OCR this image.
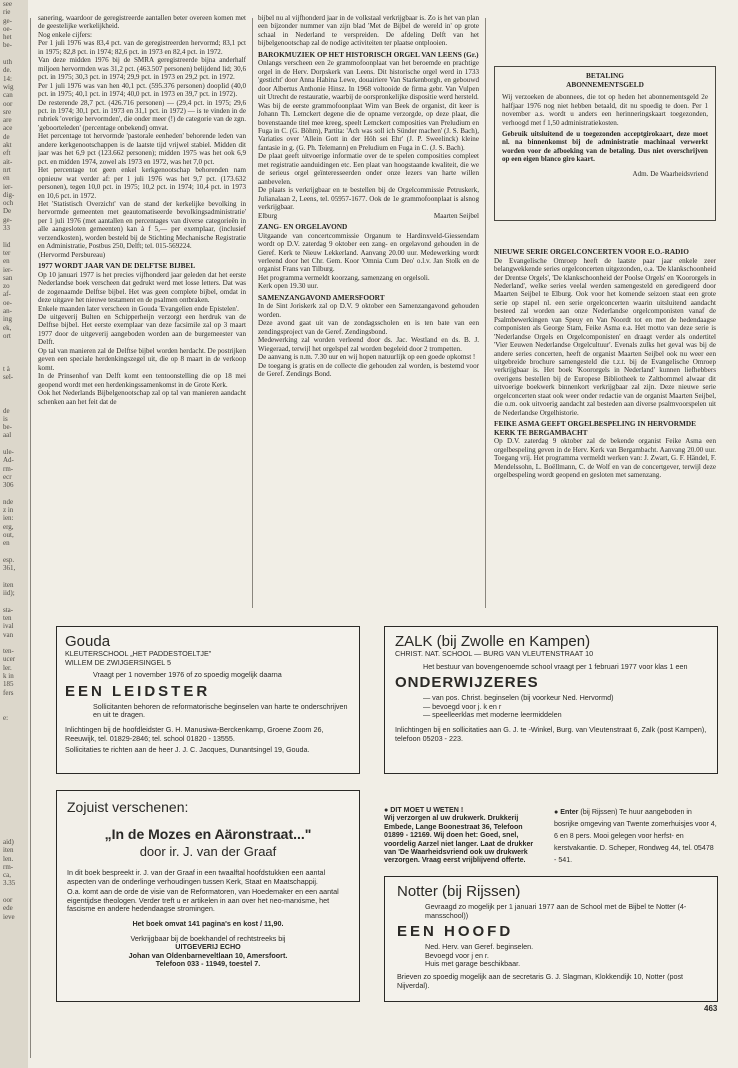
see
rie
ge-
oe-
het
be-

uth
de.
14:
wig
can
oor
sre
are
ace
de
akt
eft
ait-
nrt
en
ier-
dig-
och
De
ge-
33

lid
ter
en
ier-
san
zo
af-
oe-
an-
ing
ek,
ort

t à
sel-

de
is
be-
aal

ule-
Ad-
rm-
ecr
306

nde
z in
ien:
erg,
out,
en

esp.
361,

iten
iid);

sta-
ten
ival
van

ten-
ucer
ler.
k in
185
fers

e:

aid)
iten
len.
rm-
ca,
3.35

oor
ede
ieve

sanering, waardoor de geregistreerde aantallen beter overeen komen met de geestelijke werkelijkheid.

Nog enkele cijfers:

Per 1 juli 1976 was 83,4 pct. van de geregistreerden hervormd; 83,1 pct in 1975; 82,8 pct. in 1974; 82,6 pct. in 1973 en 82,4 pct. in 1972.

Van deze midden 1976 bij de SMRA geregistreerde bijna anderhalf miljoen hervormden was 31,2 pct. (463.507 personen) belijdend lid; 30,6 pct. in 1975; 30,3 pct. in 1974; 29,9 pct. in 1973 en 29,2 pct. in 1972.

Per 1 juli 1976 was van hen 40,1 pct. (595.376 personen) doopIid (40,0 pct. in 1975; 40,1 pct. in 1974; 40,0 pct. in 1973 en 39,7 pct. in 1972).

De resterende 28,7 pct. (426.716 personen) — (29,4 pct. in 1975; 29,6 pct. in 1974; 30,1 pct. in 1973 en 31,1 pct. in 1972) — is te vinden in de rubriek 'overige hervormden', die onder meer (!) de categorie van de zgn. 'geboorteleden' (percentage onbekend) omvat.

Het percentage tot hervormde 'pastorale eenheden' behorende leden van andere kerkgenootschappen is de laatste tijd vrijwel stabiel. Midden dit jaar was het 6,9 pct (123.662 personen); midden 1975 was het ook 6,9 pct. en midden 1974, zowel als 1973 en 1972, was het 7,0 pct.

Het percentage tot geen enkel kerkgenootschap behorenden nam opnieuw wat verder af: per 1 juli 1976 was het 9,7 pct. (173.632 personen), tegen 10,0 pct. in 1975; 10,2 pct. in 1974; 10,4 pct. in 1973 en 10,6 pct. in 1972.

Het 'Statistisch Overzicht' van de stand der kerkelijke bevolking in hervormde gemeenten met geautomatiseerde bevolkingsadministratie' per 1 juli 1976 (met aantallen en percentages van diverse categorieën in alle aangesloten gemeenten) kan à f 5,— per exemplaar, (inclusief verzendkosten), worden besteld bij de Stichting Mechanische Registratie en Administratie, Postbus 250, Delft; tel. 015-569224.

(Hervormd Persbureau)

1977 WORDT JAAR VAN DE DELFTSE BIJBEL

Op 10 januari 1977 is het precies vijfhonderd jaar geleden dat het eerste Nederlandse boek verscheen dat gedrukt werd met losse letters. Dat was de zogenaamde Delftse bijbel. Het was geen complete bijbel, omdat in deze uitgave het nieuwe testament en de psalmen ontbraken.

Enkele maanden later verscheen in Gouda 'Evangelien ende Epistelen'.

De uitgeverij Bulten en Schipperheijn verzorgt een herdruk van de Delftse bijbel. Het eerste exemplaar van deze facsimile zal op 3 maart 1977 door de uitgeverij aangeboden worden aan de burgemeester van Delft.

Op tal van manieren zal de Delftse bijbel worden herdacht. De postrijken geven een speciale herdenkingszegel uit, die op 8 maart in de verkoop komt.

In de Prinsenhof van Delft komt een tentoonstelling die op 18 mei geopend wordt met een herdenkingssamenkomst in de Grote Kerk.

Ook het Nederlands Bijbelgenootschap zal op tal van manieren aandacht schenken aan het feit dat de

bijbel nu al vijfhonderd jaar in de volkstaal verkrijgbaar is. Zo is het van plan een bijzonder nummer van zijn blad 'Met de Bijbel de wereld in' op grote schaal in Nederland te verspreiden. De afdeling Delft van het bijbelgenootschap zal de nodige activiteiten ter plaatse ontplooien.

BAROKMUZIEK OP HET HISTORISCH ORGEL VAN LEENS (Gr.)

Onlangs verscheen een 2e grammofoonplaat van het beroemde en prachtige orgel in de Herv. Dorpskerk van Leens. Dit historische orgel werd in 1733 'gesticht' door Anna Habina Lewe, douairiere Van Starkenborgh, en gebouwd door Albertus Anthonie Hinsz. In 1968 voltooide de firma gebr. Van Vulpen uit Utrecht de restauratie, waarbij de oorspronkelijke dispositie werd hersteld.

Was bij de eerste grammofoonplaat Wim van Beek de organist, dit keer is Johann Th. Lemckert degene die de opname verzorgde, op deze plaat, die bovenstaande titel mee kreeg, speelt Lemckert composities van Preludium en Fuga in C. (G. Böhm), Partita: 'Ach was soll ich Sünder machen' (J. S. Bach), Variaties over 'Allein Gott in der Höh sei Ehr' (J. P. Sweelinck) kleine fantasie in g. (G. Ph. Telemann) en Preludium en Fuga in C. (J. S. Bach).

De plaat geeft uitvoerige informatie over de te spelen composities compleet met registratie aanduidingen etc. Een plaat van hoogstaande kwaliteit, die we de serieus orgel geïnteresseerden onder onze lezers van harte willen aanbevelen.

De plaats is verkrijgbaar en te bestellen bij de Orgelcommissie Petruskerk, Julianalaan 2, Leens, tel. 05957-1677. Ook de 1e grammofoonplaat is alsnog verkrijgbaar.

Elburg	Maarten Seijbel
ZANG- EN ORGELAVOND

Uitgaande van concertcommissie Organum te Hardinxveld-Giessendam wordt op D.V. zaterdag 9 oktober een zang- en orgelavond gehouden in de Geref. Kerk te Nieuw Lekkerland. Aanvang 20.00 uur. Medewerking wordt verleend door het Chr. Gem. Koor 'Omnia Cum Deo' o.l.v. Jan Stolk en de organist Frans van Tilburg.

Het programma vermeldt koorzang, samenzang en orgelsoli.

Kerk open 19.30 uur.

SAMENZANGAVOND AMERSFOORT

In de Sint Joriskerk zal op D.V. 9 oktober een Samenzangavond gehouden worden.

Deze avond gaat uit van de zondagsscholen en is ten bate van een zendingsproject van de Geref. Zendingsbond.

Medewerking zal worden verleend door ds. Jac. Westland en ds. B. J. Wiegeraad, terwijl het orgelspel zal worden begeleid door 2 trompetten.

De aanvang is n.m. 7.30 uur en wij hopen natuurlijk op een goede opkomst !

De toegang is gratis en de collecte die gehouden zal worden, is bestemd voor de Geref. Zendings Bond.

BETALING
ABONNEMENTSGELD

Wij verzoeken de abonnees, die tot op heden het abonnementsgeld 2e halfjaar 1976 nog niet hebben betaald, dit nu spoedig te doen. Per 1 november a.s. wordt u anders een herinneringskaart toegezonden, verhoogd met f 1,50 administratiekosten.

Gebruik uitsluitend de u toegezonden acceptgirokaart, deze moet nl. na binnenkomst bij de administratie machinaal verwerkt worden voor de afboeking van de betaling. Dus niet overschrijven op een eigen blanco giro kaart.

Adm. De Waarheidsvriend

NIEUWE SERIE ORGELCONCERTEN VOOR E.O.-RADIO

De Evangelische Omroep heeft de laatste paar jaar enkele zeer belangwekkende series orgelconcerten uitgezonden, o.a. 'De klankschoonheid der Drentse Orgels', 'De klankschoonheid der Poolse Orgels' en 'Koororgels in Nederland', welke series veelal werden samengesteld en geredigeerd door Maarten Seijbel te Elburg. Ook voor het komende seizoen staat een grote serie op stapel nl. een serie orgelconcerten waarin uitsluitend aandacht besteed zal worden aan onze Nederlandse orgelcomponisten vanaf de Psalmbewerkingen van Speuy en Van Noordt tot en met de hedendaagse componisten als George Stam, Feike Asma e.a. Het motto van deze serie is 'Nederlandse Orgels en Orgelcomponisten' en draagt verder als ondertitel 'Vier Eeuwen Nederlandse Orgelcultuur'. Evenals zulks het geval was bij de andere series concerten, heeft de organist Maarten Seijbel ook nu weer een uitgebreide brochure samengesteld die t.z.t. bij de Evangelische Omroep verkrijgbaar is. Het boek 'Koororgels in Nederland' kunnen liefhebbers overigens bestellen bij de Europese Bibliotheek te Zaltbommel alwaar dit uitvoerige boekwerk binnenkort verkrijgbaar zal zijn. Deze nieuwe serie orgelconcerten staat ook weer onder redactie van de organist Maarten Seijbel, die o.m. ook uitvoerig aandacht zal besteden aan diverse psalmvoorspelen uit de Nederlandse Orgelhistorie.

FEIKE ASMA GEEFT ORGELBESPELING IN HERVORMDE KERK TE BERGAMBACHT

Op D.V. zaterdag 9 oktober zal de bekende organist Feike Asma een orgelbespeling geven in de Herv. Kerk van Bergambacht. Aanvang 20.00 uur. Toegang vrij. Het programma vermeldt werken van: J. Zwart, G. F. Händel, F. Mendelssohn, L. Boëllmann, C. de Wolf en van de concertgever, terwijl deze orgelbespeling wordt geopend en gesloten met samenzang.

Gouda
KLEUTERSCHOOL „HET PADDESTOELTJE"
WILLEM DE ZWIJGERSINGEL 5
Vraagt per 1 november 1976 of zo spoedig mogelijk daarna
EEN LEIDSTER
Sollicitanten behoren de reformatorische beginselen van harte te onderschrijven en uit te dragen.
Inlichtingen bij de hoofdleidster G. H. Manusiwa-Berckenkamp, Groene Zoom 26, Reeuwijk, tel. 01829-2846; tel. school 01820 - 13555.
Sollicitaties te richten aan de heer J. J. C. Jacques, Dunantsingel 19, Gouda.
ZALK (bij Zwolle en Kampen)
CHRIST. NAT. SCHOOL — BURG VAN VLEUTENSTRAAT 10
Het bestuur van bovengenoemde school vraagt per 1 februari 1977 voor klas 1 een
ONDERWIJZERES
— van pos. Christ. beginselen (bij voorkeur Ned. Hervormd)
— bevoegd voor j. k en r
— speelleerklas met moderne leermiddelen
Inlichtingen bij en sollicitaties aan G. J. te -Winkel, Burg. van Vleutenstraat 6, Zalk (post Kampen), telefoon 05203 - 223.
Zojuist verschenen:
„In de Mozes en Aäronstraat..."
door ir. J. van der Graaf
In dit boek bespreekt ir. J. van der Graaf in een twaalftal hoofdstukken een aantal aspecten van de onderlinge verhoudingen tussen Kerk, Staat en Maatschappij.
O.a. komt aan de orde de visie van de Reformatoren, van Hoedemaker en een aantal eigentijdse theologen. Verder treft u er artikelen in aan over het neo-marxisme, het fascisme en andere hedendaagse stromingen.
Het boek omvat 141 pagina's en kost / 11,90.
Verkrijgbaar bij de boekhandel of rechtstreeks bij
UITGEVERIJ ECHO
Johan van Oldenbarneveltlaan 10, Amersfoort.
Telefoon 033 - 11949, toestel 7.
● DIT MOET U WETEN !
Wij verzorgen al uw drukwerk. Drukkerij Embede, Lange Boonestraat 36, Telefoon 01899 - 12169. Wij doen het: Goed, snel, voordelig Aarzel niet langer. Laat de drukker van 'De Waarheidsvriend ook uw drukwerk verzorgen. Vraag eerst vrijblijvend offerte.
● Enter (bij Rijssen) Te huur aangeboden in bosrijke omgeving van Twente zomerhuisjes voor 4, 6 en 8 pers. Mooi gelegen voor herfst- en kerstvakantie. D. Scheper, Rondweg 44, tel. 05478 - 541.
Notter (bij Rijssen)
Gevraagd zo mogelijk per 1 januari 1977 aan de School met de Bijbel te Notter (4-mansschool))
EEN HOOFD
Ned. Herv. van Geref. beginselen.
Bevoegd voor j en r.
Huis met garage beschikbaar.
Brieven zo spoedig mogelijk aan de secretaris G. J. Slagman, Klokkendijk 10, Notter (post Nijverdal).
463
